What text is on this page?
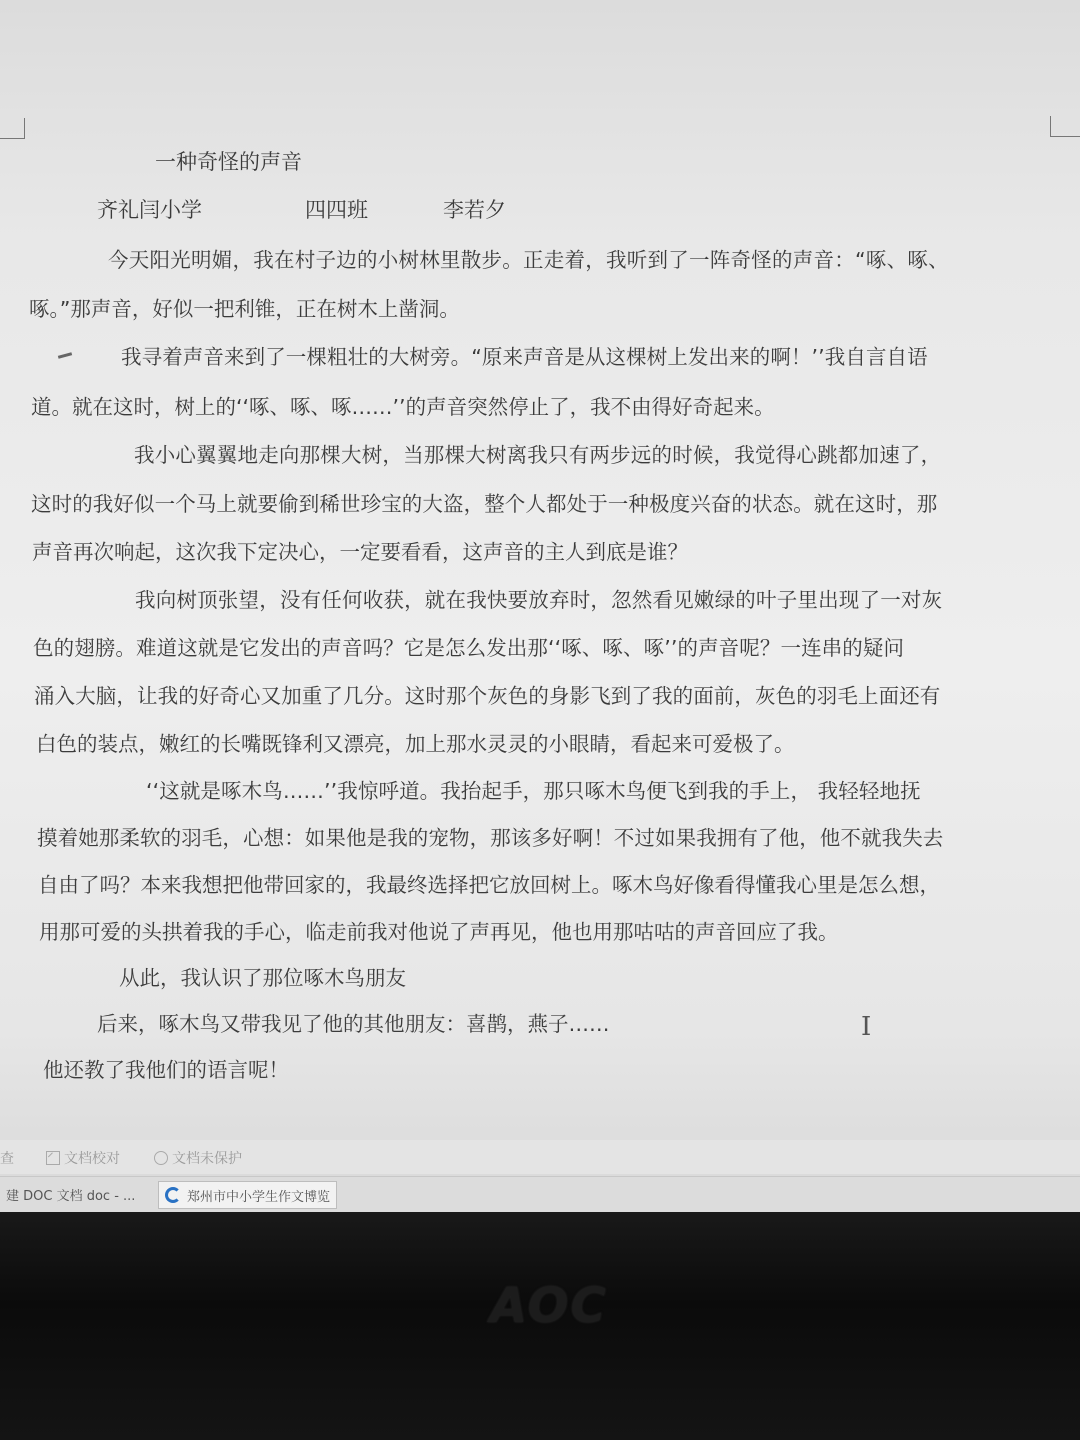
一种奇怪的声音
齐礼闫小学	四四班	李若夕
今天阳光明媚，我在村子边的小树林里散步。正走着，我听到了一阵奇怪的声音：“啄、啄、
啄。”那声音，好似一把利锥，正在树木上凿洞。
我寻着声音来到了一棵粗壮的大树旁。“原来声音是从这棵树上发出来的啊！’’我自言自语
道。就在这时，树上的‘‘啄、啄、啄……’’的声音突然停止了，我不由得好奇起来。
我小心翼翼地走向那棵大树，当那棵大树离我只有两步远的时候，我觉得心跳都加速了，
这时的我好似一个马上就要偷到稀世珍宝的大盗，整个人都处于一种极度兴奋的状态。就在这时，那
声音再次响起，这次我下定决心，一定要看看，这声音的主人到底是谁？
我向树顶张望，没有任何收获，就在我快要放弃时，忽然看见嫩绿的叶子里出现了一对灰
色的翅膀。难道这就是它发出的声音吗？它是怎么发出那‘‘啄、啄、啄’’的声音呢？一连串的疑问
涌入大脑，让我的好奇心又加重了几分。这时那个灰色的身影飞到了我的面前，灰色的羽毛上面还有
白色的装点，嫩红的长嘴既锋利又漂亮，加上那水灵灵的小眼睛，看起来可爱极了。
‘‘这就是啄木鸟……’’我惊呼道。我抬起手，那只啄木鸟便飞到我的手上， 我轻轻地抚
摸着她那柔软的羽毛，心想：如果他是我的宠物，那该多好啊！不过如果我拥有了他，他不就我失去
自由了吗？本来我想把他带回家的，我最终选择把它放回树上。啄木鸟好像看得懂我心里是怎么想，
用那可爱的头拱着我的手心，临走前我对他说了声再见，他也用那咕咕的声音回应了我。
从此，我认识了那位啄木鸟朋友
后来，啄木鸟又带我见了他的其他朋友：喜鹊，燕子……
他还教了我他们的语言呢！
I
查	文档校对	文档未保护
建 DOC 文档 doc - ...	郑州市中小学生作文博览
AOC
